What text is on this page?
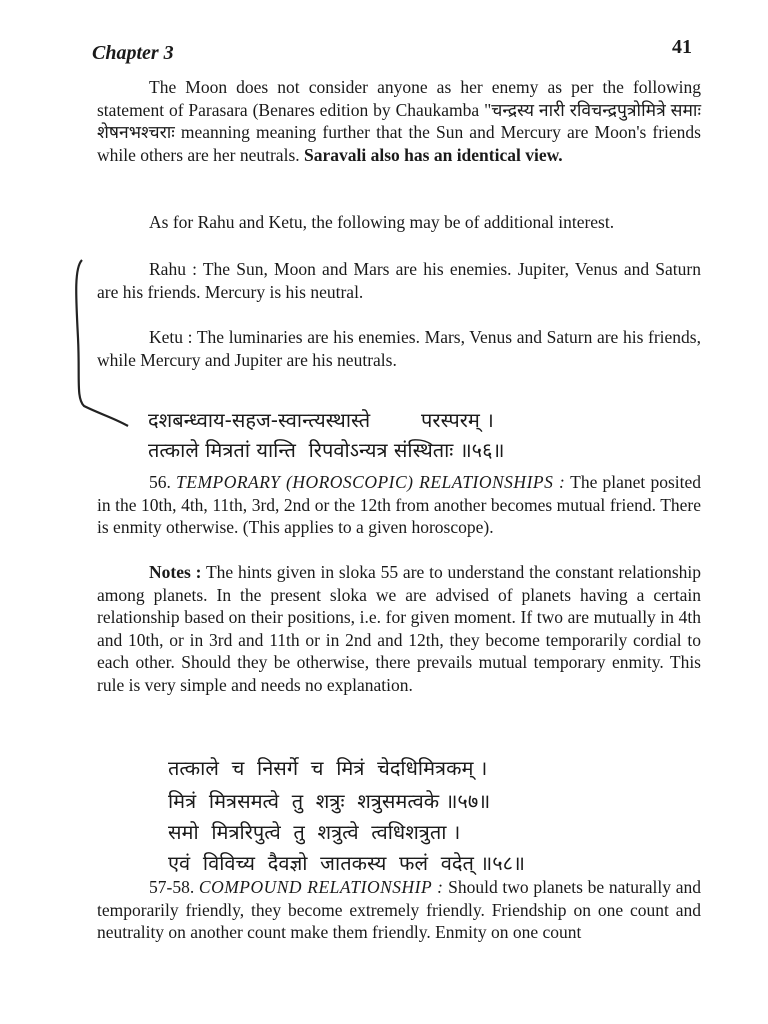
Chapter 3	41
The Moon does not consider anyone as her enemy as per the following statement of Parasara (Benares edition by Chaukamba "चन्द्रस्य नारी रविचन्द्रपुत्रोमित्रे समाः शेषनभश्चराः meanning meaning further that the Sun and Mercury are Moon's friends while others are her neutrals. Saravali also has an identical view.
As for Rahu and Ketu, the following may be of additional interest.
Rahu : The Sun, Moon and Mars are his enemies. Jupiter, Venus and Saturn are his friends. Mercury is his neutral.
Ketu : The luminaries are his enemies. Mars, Venus and Saturn are his friends, while Mercury and Jupiter are his neutrals.
दशबन्ध्वाय-सहज-स्वान्त्यस्थास्ते        परस्परम् ।
तत्काले मित्रतां यान्ति  रिपवोऽन्यत्र संस्थिताः ॥५६॥
56. TEMPORARY (HOROSCOPIC) RELATIONSHIPS : The planet posited in the 10th, 4th, 11th, 3rd, 2nd or the 12th from another becomes mutual friend. There is enmity otherwise. (This applies to a given horoscope).
Notes : The hints given in sloka 55 are to understand the constant relationship among planets. In the present sloka we are advised of planets having a certain relationship based on their positions, i.e. for given moment. If two are mutually in 4th and 10th, or in 3rd and 11th or in 2nd and 12th, they become temporarily cordial to each other. Should they be otherwise, there prevails mutual temporary enmity. This rule is very simple and needs no explanation.
तत्काले  च  निसर्गे  च  मित्रं  चेदधिमित्रकम् ।
मित्रं  मित्रसमत्वे  तु  शत्रुः  शत्रुसमत्वके ॥५७॥
समो  मित्ररिपुत्वे  तु  शत्रुत्वे  त्वधिशत्रुता ।
एवं  विविच्य  दैवज्ञो  जातकस्य  फलं  वदेत् ॥५८॥
57-58. COMPOUND RELATIONSHIP : Should two planets be naturally and temporarily friendly, they become extremely friendly. Friendship on one count and neutrality on another count make them friendly. Enmity on one count
